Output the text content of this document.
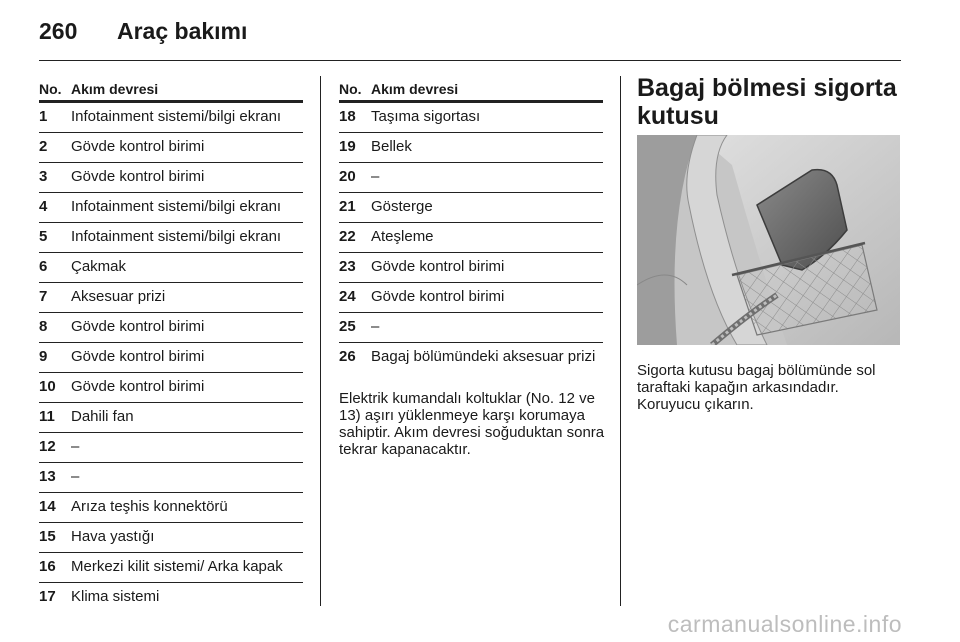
260 Araç bakımı
No. Akım devresi
1	Infotainment sistemi/bilgi ekranı
2	Gövde kontrol birimi
3	Gövde kontrol birimi
4	Infotainment sistemi/bilgi ekranı
5	Infotainment sistemi/bilgi ekranı
6	Çakmak
7	Aksesuar prizi
8	Gövde kontrol birimi
9	Gövde kontrol birimi
10	Gövde kontrol birimi
11	Dahili fan
12	–
13	–
14	Arıza teşhis konnektörü
15	Hava yastığı
16	Merkezi kilit sistemi/ Arka kapak
17	Klima sistemi
No. Akım devresi
18	Taşıma sigortası
19	Bellek
20	–
21	Gösterge
22	Ateşleme
23	Gövde kontrol birimi
24	Gövde kontrol birimi
25	–
26	Bagaj bölümündeki aksesuar prizi
Elektrik kumandalı koltuklar (No. 12 ve 13) aşırı yüklenmeye karşı korumaya sahiptir. Akım devresi soğuduktan sonra tekrar kapanacaktır.
Bagaj bölmesi sigorta kutusu
Sigorta kutusu bagaj bölümünde sol taraftaki kapağın arkasındadır. Koruyucu çıkarın.
carmanualsonline.info
